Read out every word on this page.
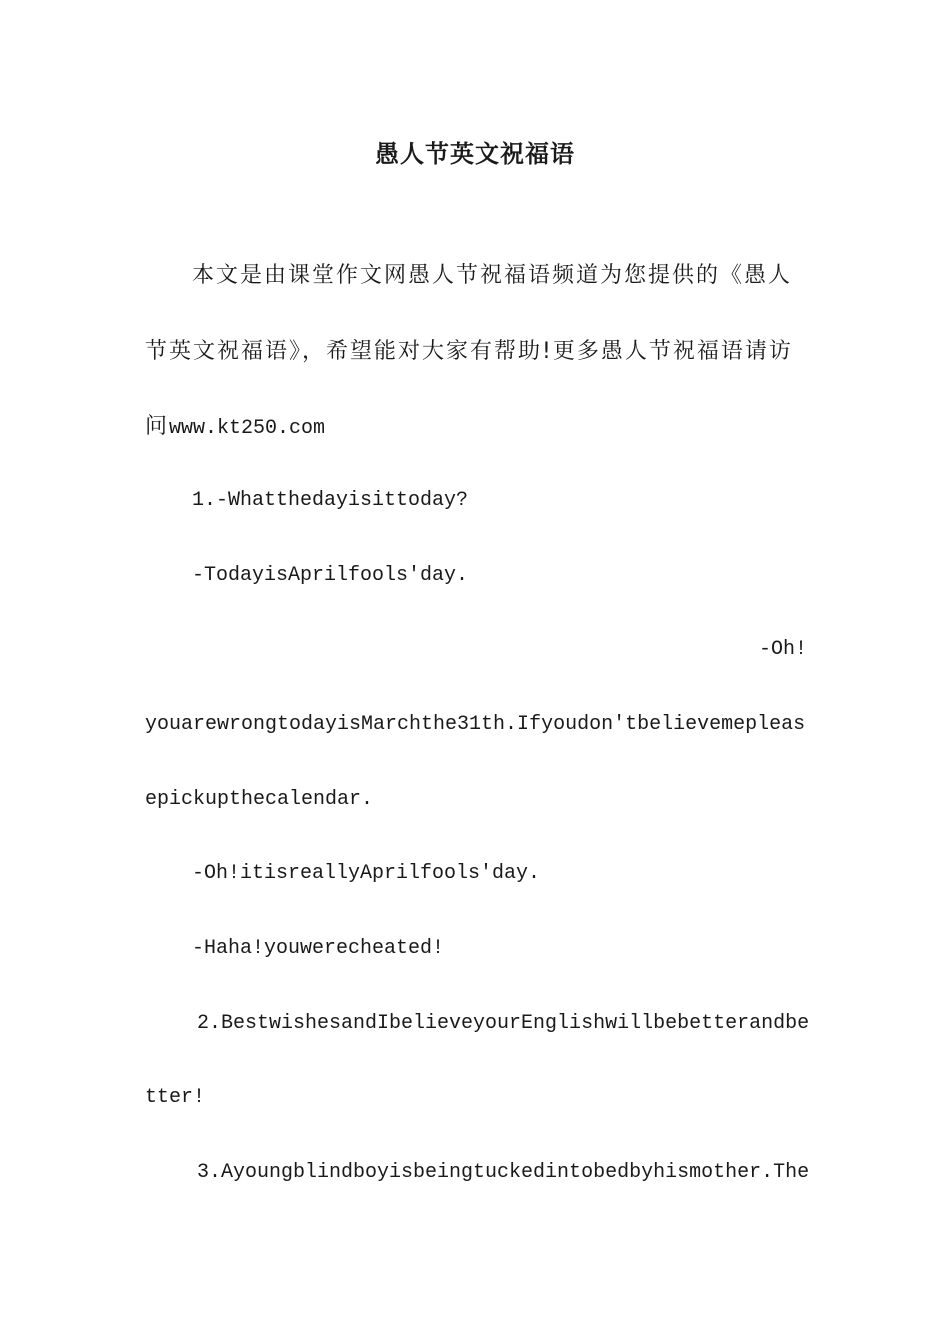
愚人节英文祝福语
本文是由课堂作文网愚人节祝福语频道为您提供的《愚人
节英文祝福语》，希望能对大家有帮助!更多愚人节祝福语请访
问www.kt250.com
1.-Whatthedayisittoday?
-TodayisAprilfools'day.
-Oh!
youarewrongtodayisMarchthe31th.Ifyoudon'tbelievemepleas
epickupthecalendar.
-Oh!itisreallyAprilfools'day.
-Haha!youwerecheated!
2.BestwishesandIbelieveyourEnglishwillbebetterandbe
tter!
3.Ayoungblindboyisbeingtuckedintobedbyhismother.The
